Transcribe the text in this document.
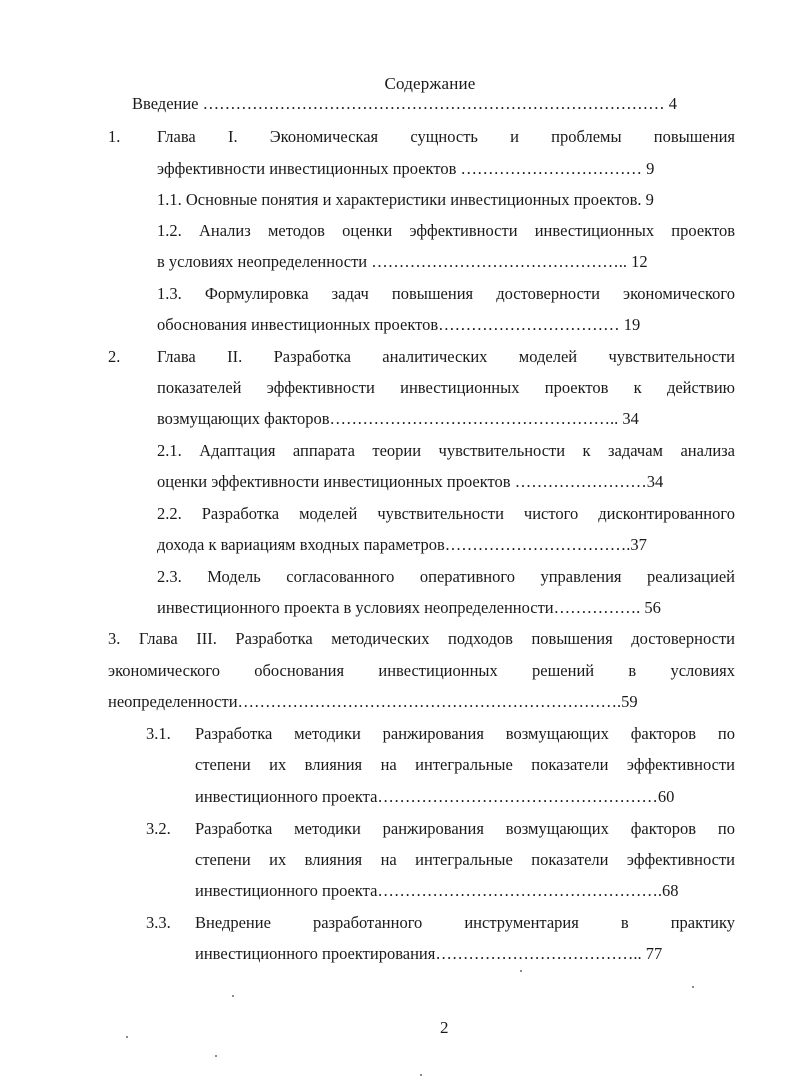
Содержание
Введение ………………………………………………………………………… 4
1. Глава I. Экономическая сущность и проблемы повышения
эффективности инвестиционных проектов …………………………… 9
1.1. Основные понятия и характеристики инвестиционных проектов. 9
1.2. Анализ методов оценки эффективности инвестиционных проектов
в условиях неопределенности ……………………………………….. 12
1.3. Формулировка задач повышения достоверности экономического
обоснования инвестиционных проектов…………………………… 19
2. Глава II. Разработка аналитических моделей чувствительности
показателей эффективности инвестиционных проектов к действию
возмущающих факторов…………………………………………….. 34
2.1. Адаптация аппарата теории чувствительности к задачам анализа
оценки эффективности инвестиционных проектов ……………………34
2.2. Разработка моделей чувствительности чистого дисконтированного
дохода к вариациям входных параметров…………………………….37
2.3. Модель согласованного оперативного управления реализацией
инвестиционного проекта в условиях неопределенности……………. 56
3. Глава III. Разработка методических подходов повышения достоверности
экономического обоснования инвестиционных решений в условиях
неопределенности…………………………………………………………….59
3.1. Разработка методики ранжирования возмущающих факторов по
степени их влияния на интегральные показатели эффективности
инвестиционного проекта……………………………………………60
3.2. Разработка методики ранжирования возмущающих факторов по
степени их влияния на интегральные показатели эффективности
инвестиционного проекта…………………………………………….68
3.3. Внедрение разработанного инструментария в практику
инвестиционного проектирования……………………………….. 77
2
